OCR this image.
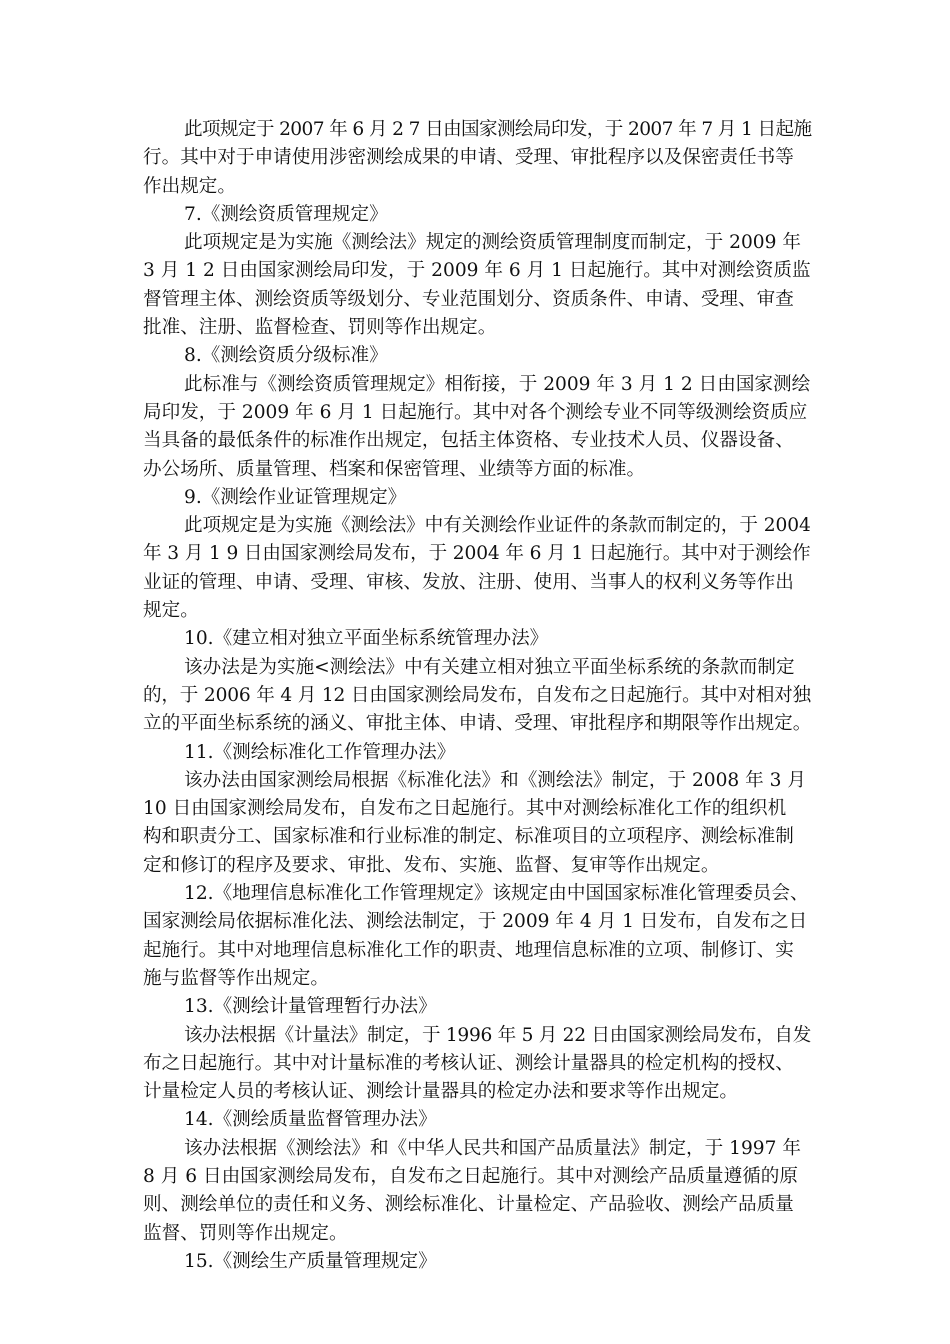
此项规定于 2007 年 6 月 2 7 日由国家测绘局印发，于 2007 年 7 月 1 日起施
行。其中对于申请使用涉密测绘成果的申请、受理、审批程序以及保密责任书等
作出规定。
7.《测绘资质管理规定》
此项规定是为实施《测绘法》规定的测绘资质管理制度而制定，于 2009 年
3 月 1 2 日由国家测绘局印发，于 2009 年 6 月 1 日起施行。其中对测绘资质监
督管理主体、测绘资质等级划分、专业范围划分、资质条件、申请、受理、审查
批准、注册、监督检查、罚则等作出规定。
8.《测绘资质分级标准》
此标准与《测绘资质管理规定》相衔接，于 2009 年 3 月 1 2 日由国家测绘
局印发，于 2009 年 6 月 1 日起施行。其中对各个测绘专业不同等级测绘资质应
当具备的最低条件的标准作出规定，包括主体资格、专业技术人员、仪器设备、
办公场所、质量管理、档案和保密管理、业绩等方面的标准。
9.《测绘作业证管理规定》
此项规定是为实施《测绘法》中有关测绘作业证件的条款而制定的，于 2004
年 3 月 1 9 日由国家测绘局发布，于 2004 年 6 月 1 日起施行。其中对于测绘作
业证的管理、申请、受理、审核、发放、注册、使用、当事人的权利义务等作出
规定。
10.《建立相对独立平面坐标系统管理办法》
该办法是为实施<测绘法》中有关建立相对独立平面坐标系统的条款而制定
的，于 2006 年 4 月 12 日由国家测绘局发布，自发布之日起施行。其中对相对独
立的平面坐标系统的涵义、审批主体、申请、受理、审批程序和期限等作出规定。
11.《测绘标准化工作管理办法》
该办法由国家测绘局根据《标准化法》和《测绘法》制定，于 2008 年 3 月
10 日由国家测绘局发布，自发布之日起施行。其中对测绘标准化工作的组织机
构和职责分工、国家标准和行业标准的制定、标准项目的立项程序、测绘标准制
定和修订的程序及要求、审批、发布、实施、监督、复审等作出规定。
12.《地理信息标准化工作管理规定》该规定由中国国家标准化管理委员会、
国家测绘局依据标准化法、测绘法制定，于 2009 年 4 月 1 日发布，自发布之日
起施行。其中对地理信息标准化工作的职责、地理信息标准的立项、制修订、实
施与监督等作出规定。
13.《测绘计量管理暂行办法》
该办法根据《计量法》制定，于 1996 年 5 月 22 日由国家测绘局发布，自发
布之日起施行。其中对计量标准的考核认证、测绘计量器具的检定机构的授权、
计量检定人员的考核认证、测绘计量器具的检定办法和要求等作出规定。
14.《测绘质量监督管理办法》
该办法根据《测绘法》和《中华人民共和国产品质量法》制定，于 1997 年
8 月 6 日由国家测绘局发布，自发布之日起施行。其中对测绘产品质量遵循的原
则、测绘单位的责任和义务、测绘标准化、计量检定、产品验收、测绘产品质量
监督、罚则等作出规定。
15.《测绘生产质量管理规定》
